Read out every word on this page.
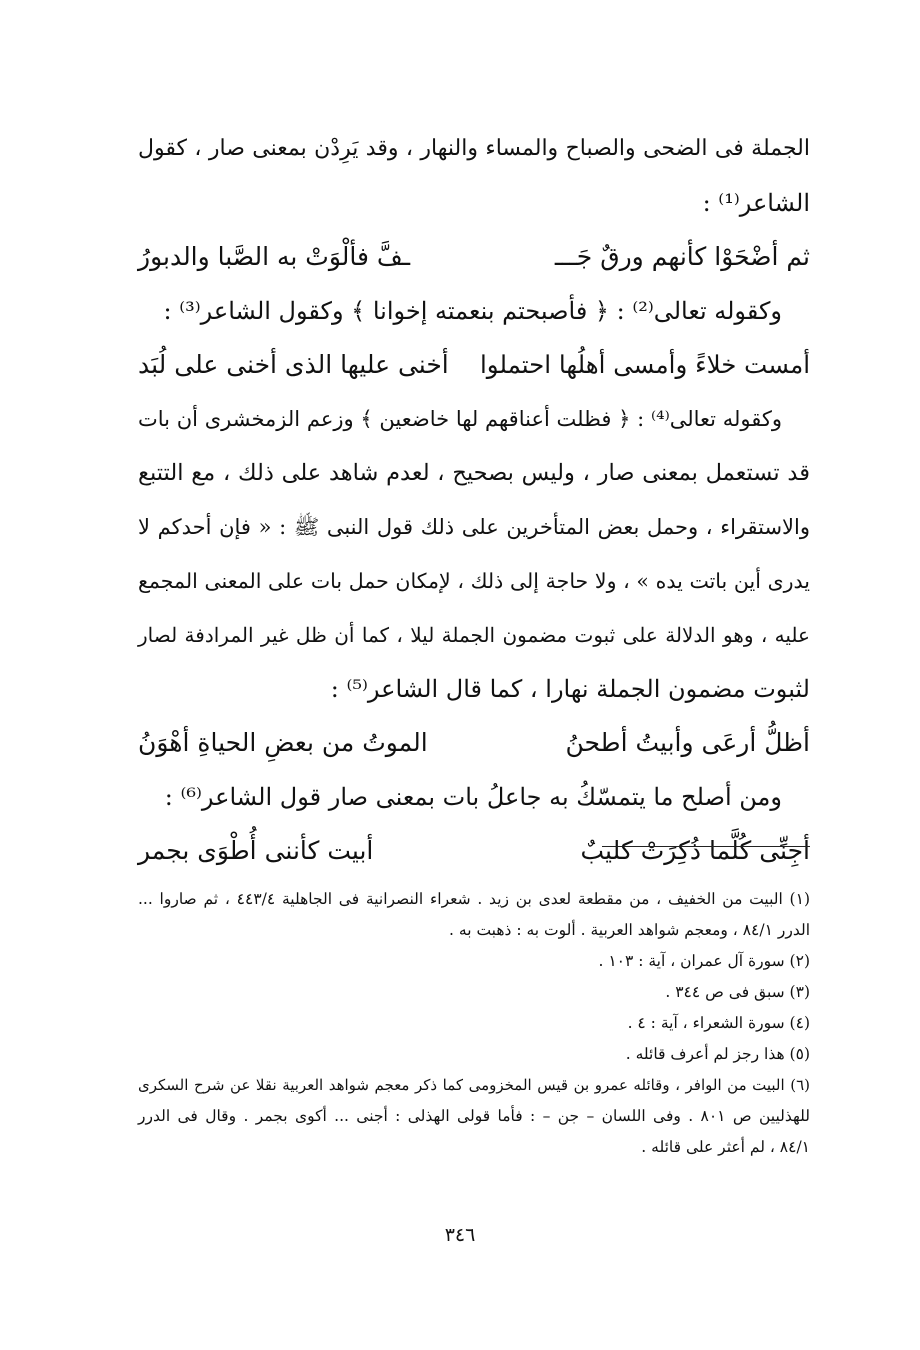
الجملة فى الضحى والصباح والمساء والنهار ، وقد يَرِدْن بمعنى صار ، كقول
الشاعر⁽¹⁾ :
ثم أضْحَوْا كأنهم ورقٌ جَـــ
ـفَّ فألْوَتْ به الصَّبا والدبورُ
وكقوله تعالى⁽²⁾ : ﴿ فأصبحتم بنعمته إخوانا ﴾ وكقول الشاعر⁽³⁾ :
أمست خلاءً وأمسى أهلُها احتملوا
أخنى عليها الذى أخنى على لُبَد
وكقوله تعالى⁽⁴⁾ : ﴿ فظلت أعناقهم لها خاضعين ﴾ وزعم الزمخشرى أن بات
قد تستعمل بمعنى صار ، وليس بصحيح ، لعدم شاهد على ذلك ، مع التتبع
والاستقراء ، وحمل بعض المتأخرين على ذلك قول النبى ﷺ : « فإن أحدكم لا
يدرى أين باتت يده » ، ولا حاجة إلى ذلك ، لإمكان حمل بات على المعنى المجمع
عليه ، وهو الدلالة على ثبوت مضمون الجملة ليلا ، كما أن ظل غير المرادفة لصار
لثبوت مضمون الجملة نهارا ، كما قال الشاعر⁽⁵⁾ :
أظلُّ أرعَى وأبيتُ أطحنُ
الموتُ من بعضِ الحياةِ أهْوَنُ
ومن أصلح ما يتمسّكُ به جاعلُ بات بمعنى صار قول الشاعر⁽⁶⁾ :
أجِنِّى كُلَّما ذُكِرَتْ كليبٌ
أبيت كأننى أُطْوَى بجمر
(١) البيت من الخفيف ، من مقطعة لعدى بن زيد . شعراء النصرانية فى الجاهلية ٤٤٣/٤ ، ثم صاروا ...
الدرر ٨٤/١ ، ومعجم شواهد العربية . ألوت به : ذهبت به .
(٢) سورة آل عمران ، آية : ١٠٣ .
(٣) سبق فى ص ٣٤٤ .
(٤) سورة الشعراء ، آية : ٤ .
(٥) هذا رجز لم أعرف قائله .
(٦) البيت من الوافر ، وقائله عمرو بن قيس المخزومى كما ذكر معجم شواهد العربية نقلا عن شرح السكرى
للهذليين ص ٨٠١ . وفى اللسان – جن – : فأما قولى الهذلى : أجنى ... أكوى بجمر . وقال فى الدرر
٨٤/١ ، لم أعثر على قائله .
٣٤٦
